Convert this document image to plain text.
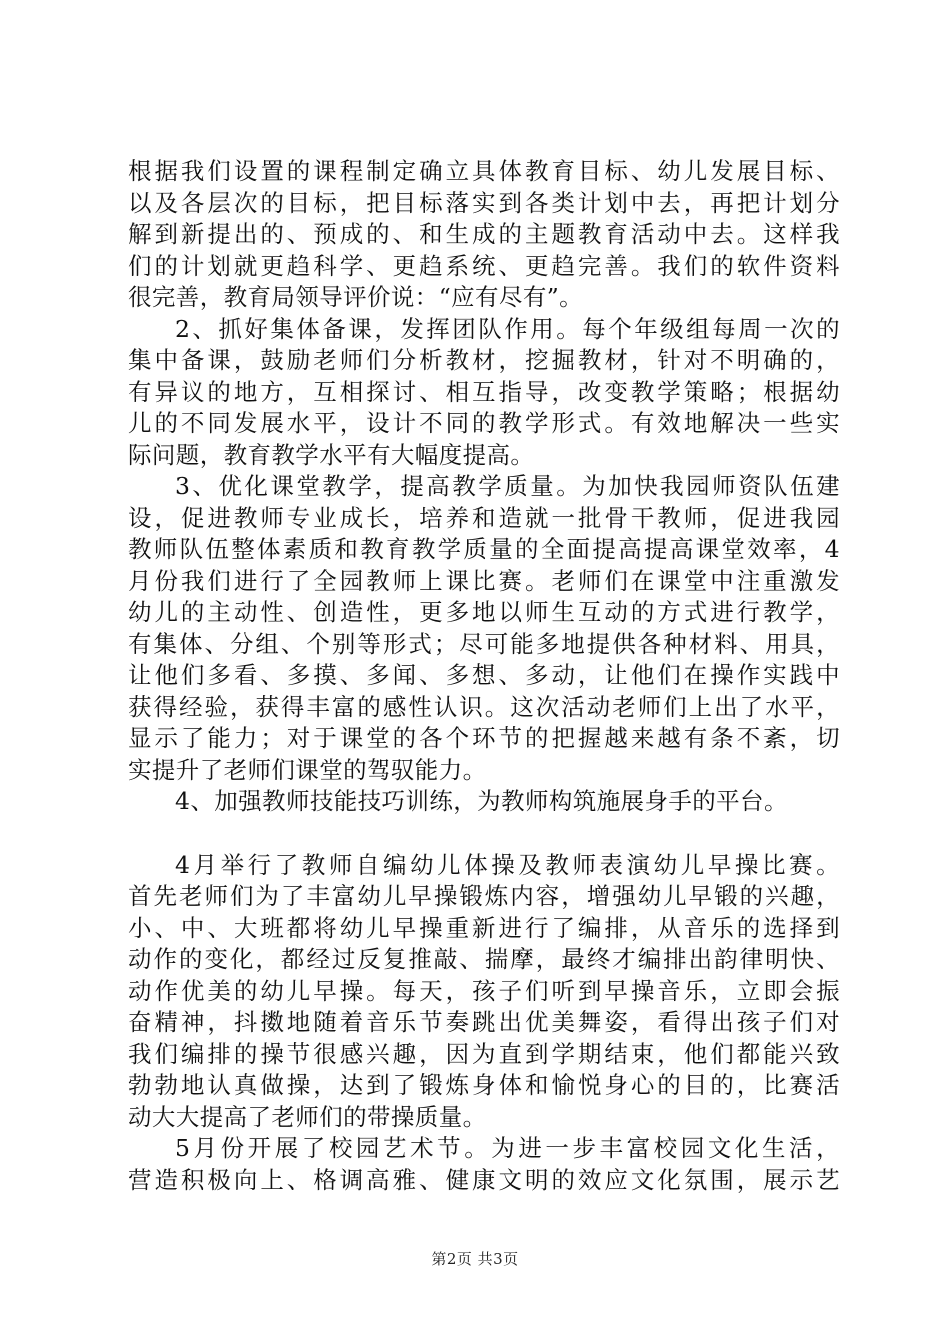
根据我们设置的课程制定确立具体教育目标、幼儿发展目标、
以及各层次的目标，把目标落实到各类计划中去，再把计划分
解到新提出的、预成的、和生成的主题教育活动中去。这样我
们的计划就更趋科学、更趋系统、更趋完善。我们的软件资料
很完善，教育局领导评价说：“应有尽有”。
2、抓好集体备课，发挥团队作用。每个年级组每周一次的
集中备课，鼓励老师们分析教材，挖掘教材，针对不明确的，
有异议的地方，互相探讨、相互指导，改变教学策略；根据幼
儿的不同发展水平，设计不同的教学形式。有效地解决一些实
际问题，教育教学水平有大幅度提高。
3、优化课堂教学，提高教学质量。为加快我园师资队伍建
设，促进教师专业成长，培养和造就一批骨干教师，促进我园
教师队伍整体素质和教育教学质量的全面提高提高课堂效率，4
月份我们进行了全园教师上课比赛。老师们在课堂中注重激发
幼儿的主动性、创造性，更多地以师生互动的方式进行教学，
有集体、分组、个别等形式；尽可能多地提供各种材料、用具，
让他们多看、多摸、多闻、多想、多动，让他们在操作实践中
获得经验，获得丰富的感性认识。这次活动老师们上出了水平，
显示了能力；对于课堂的各个环节的把握越来越有条不紊，切
实提升了老师们课堂的驾驭能力。
4、加强教师技能技巧训练，为教师构筑施展身手的平台。
4月举行了教师自编幼儿体操及教师表演幼儿早操比赛。
首先老师们为了丰富幼儿早操锻炼内容，增强幼儿早锻的兴趣，
小、中、大班都将幼儿早操重新进行了编排，从音乐的选择到
动作的变化，都经过反复推敲、揣摩，最终才编排出韵律明快、
动作优美的幼儿早操。每天，孩子们听到早操音乐，立即会振
奋精神，抖擞地随着音乐节奏跳出优美舞姿，看得出孩子们对
我们编排的操节很感兴趣，因为直到学期结束，他们都能兴致
勃勃地认真做操，达到了锻炼身体和愉悦身心的目的，比赛活
动大大提高了老师们的带操质量。
5月份开展了校园艺术节。为进一步丰富校园文化生活，
营造积极向上、格调高雅、健康文明的效应文化氛围，展示艺
第2页 共3页
